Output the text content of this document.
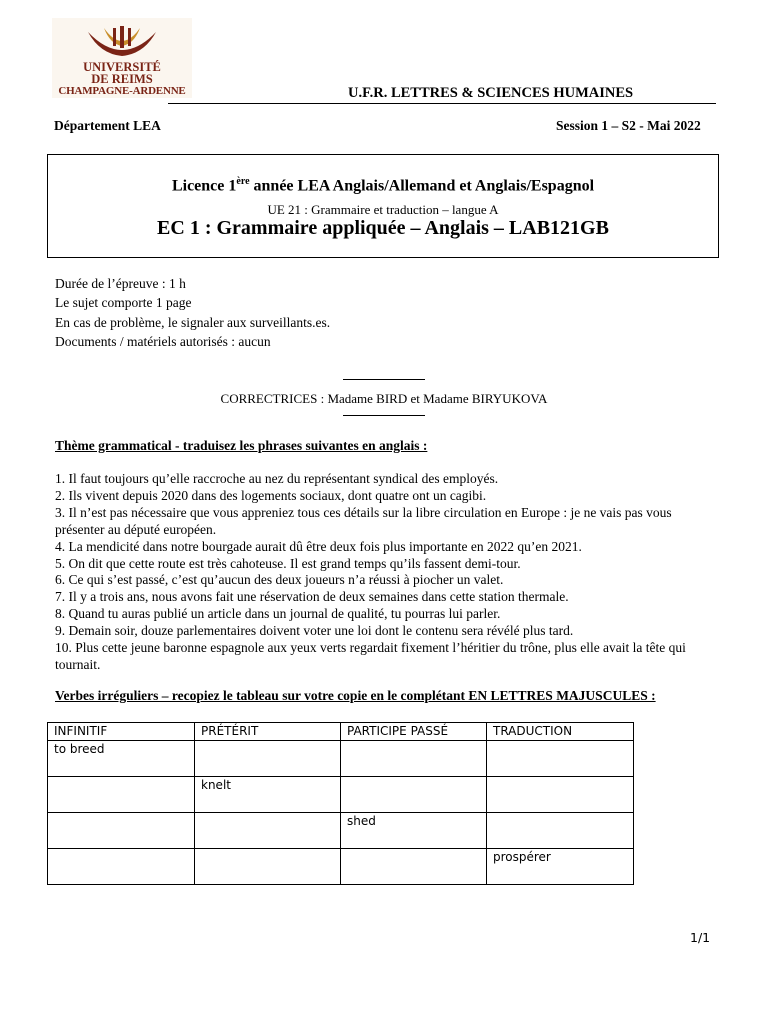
UNIVERSITÉ
DE REIMS
CHAMPAGNE-ARDENNE	U.F.R. LETTRES & SCIENCES HUMAINES
Département LEA	Session 1 – S2 - Mai 2022
Licence 1ère année LEA Anglais/Allemand et Anglais/Espagnol
UE 21 : Grammaire et traduction – langue A
EC 1 : Grammaire appliquée – Anglais – LAB121GB
Durée de l’épreuve : 1 h
Le sujet comporte 1 page
En cas de problème, le signaler aux surveillants.es.
Documents / matériels autorisés : aucun
CORRECTRICES : Madame BIRD et Madame BIRYUKOVA
Thème grammatical - traduisez les phrases suivantes en anglais :
1. Il faut toujours qu’elle raccroche au nez du représentant syndical des employés.
2. Ils vivent depuis 2020 dans des logements sociaux, dont quatre ont un cagibi.
3. Il n’est pas nécessaire que vous appreniez tous ces détails sur la libre circulation en Europe : je ne vais pas vous présenter au député européen.
4. La mendicité dans notre bourgade aurait dû être deux fois plus importante en 2022 qu’en 2021.
5. On dit que cette route est très cahoteuse. Il est grand temps qu’ils fassent demi-tour.
6. Ce qui s’est passé, c’est qu’aucun des deux joueurs n’a réussi à piocher un valet.
7. Il y a trois ans, nous avons fait une réservation de deux semaines dans cette station thermale.
8. Quand tu auras publié un article dans un journal de qualité, tu pourras lui parler.
9. Demain soir, douze parlementaires doivent voter une loi dont le contenu sera révélé plus tard.
10. Plus cette jeune baronne espagnole aux yeux verts regardait fixement l’héritier du trône, plus elle avait la tête qui tournait.
Verbes irréguliers – recopiez le tableau sur votre copie en le complétant EN LETTRES MAJUSCULES :
INFINITIF	PRÉTÉRIT	PARTICIPE PASSÉ	TRADUCTION
to breed			
	knelt		
		shed	
			prospérer
1/1
